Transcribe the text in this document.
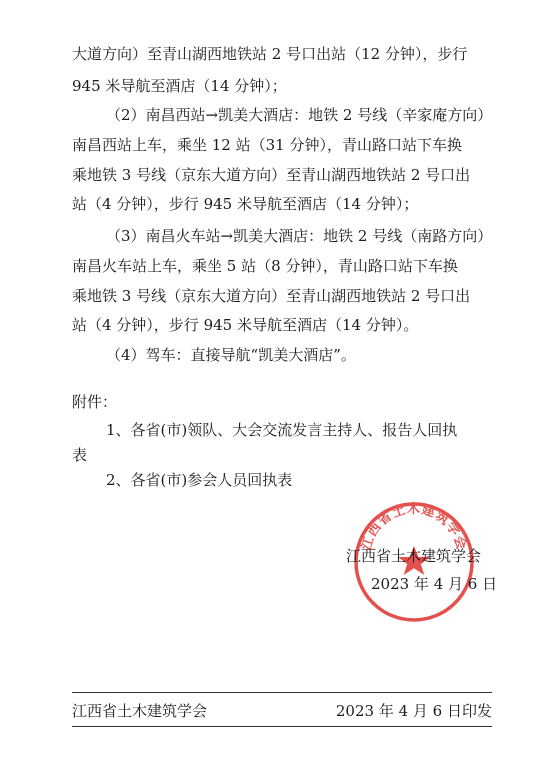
大道方向）至青山湖西地铁站 2 号口出站（12 分钟），步行
945 米导航至酒店（14 分钟）；
（2）南昌西站→凯美大酒店：地铁 2 号线（辛家庵方向）
南昌西站上车，乘坐 12 站（31 分钟），青山路口站下车换
乘地铁 3 号线（京东大道方向）至青山湖西地铁站 2 号口出
站（4 分钟），步行 945 米导航至酒店（14 分钟）；
（3）南昌火车站→凯美大酒店：地铁 2 号线（南路方向）
南昌火车站上车，乘坐 5 站（8 分钟），青山路口站下车换
乘地铁 3 号线（京东大道方向）至青山湖西地铁站 2 号口出
站（4 分钟），步行 945 米导航至酒店（14 分钟）。
（4）驾车：直接导航“凯美大酒店”。
附件：
1、各省(市)领队、大会交流发言主持人、报告人回执
表
2、各省(市)参会人员回执表
江西省土木建筑学会
江西省土木建筑学会
2023 年 4 月 6 日
江西省土木建筑学会	2023 年 4 月 6 日印发
